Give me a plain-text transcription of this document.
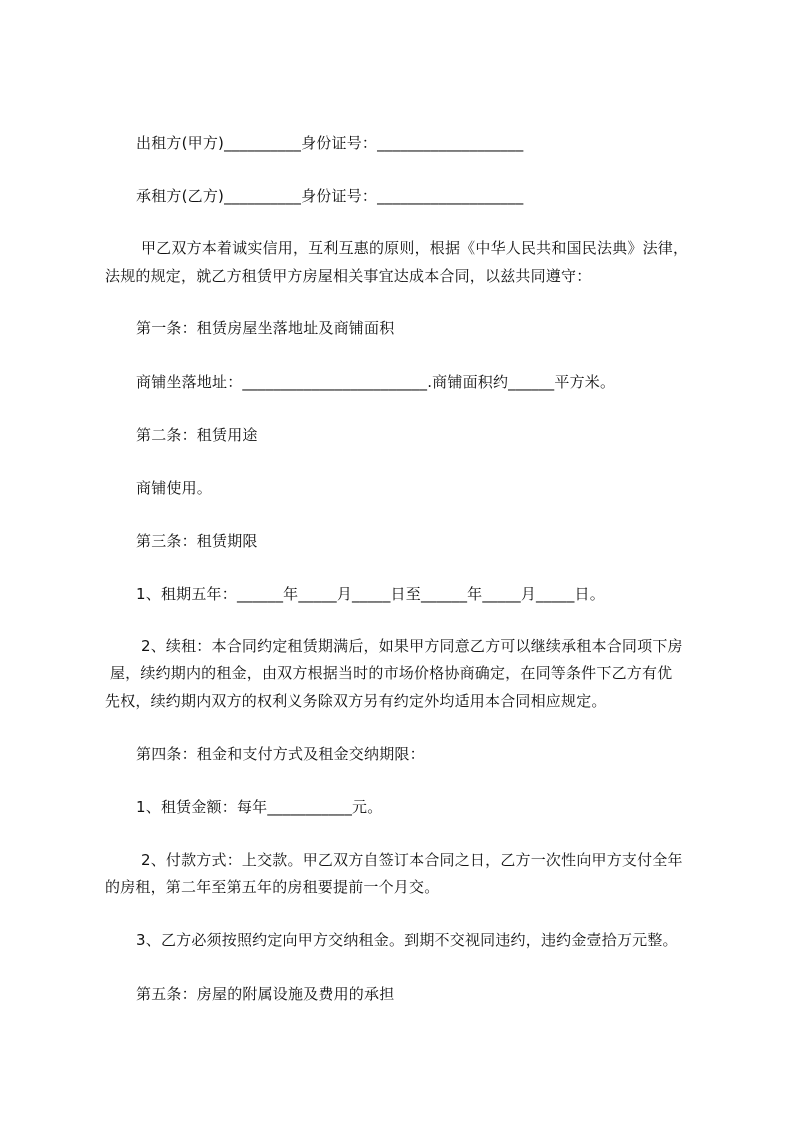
出租方(甲方)__________身份证号：___________________
承租方(乙方)__________身份证号：___________________
甲乙双方本着诚实信用，互利互惠的原则，根据《中华人民共和国民法典》法律，
法规的规定，就乙方租赁甲方房屋相关事宜达成本合同，以兹共同遵守：
第一条：租赁房屋坐落地址及商铺面积
商铺坐落地址：________________________.商铺面积约______平方米。
第二条：租赁用途
商铺使用。
第三条：租赁期限
1、租期五年：______年_____月_____日至______年_____月_____日。
2、续租：本合同约定租赁期满后，如果甲方同意乙方可以继续承租本合同项下房
屋，续约期内的租金，由双方根据当时的市场价格协商确定，在同等条件下乙方有优
先权，续约期内双方的权利义务除双方另有约定外均适用本合同相应规定。
第四条：租金和支付方式及租金交纳期限：
1、租赁金额：每年___________元。
2、付款方式：上交款。甲乙双方自签订本合同之日，乙方一次性向甲方支付全年
的房租，第二年至第五年的房租要提前一个月交。
3、乙方必须按照约定向甲方交纳租金。到期不交视同违约，违约金壹拾万元整。
第五条：房屋的附属设施及费用的承担
